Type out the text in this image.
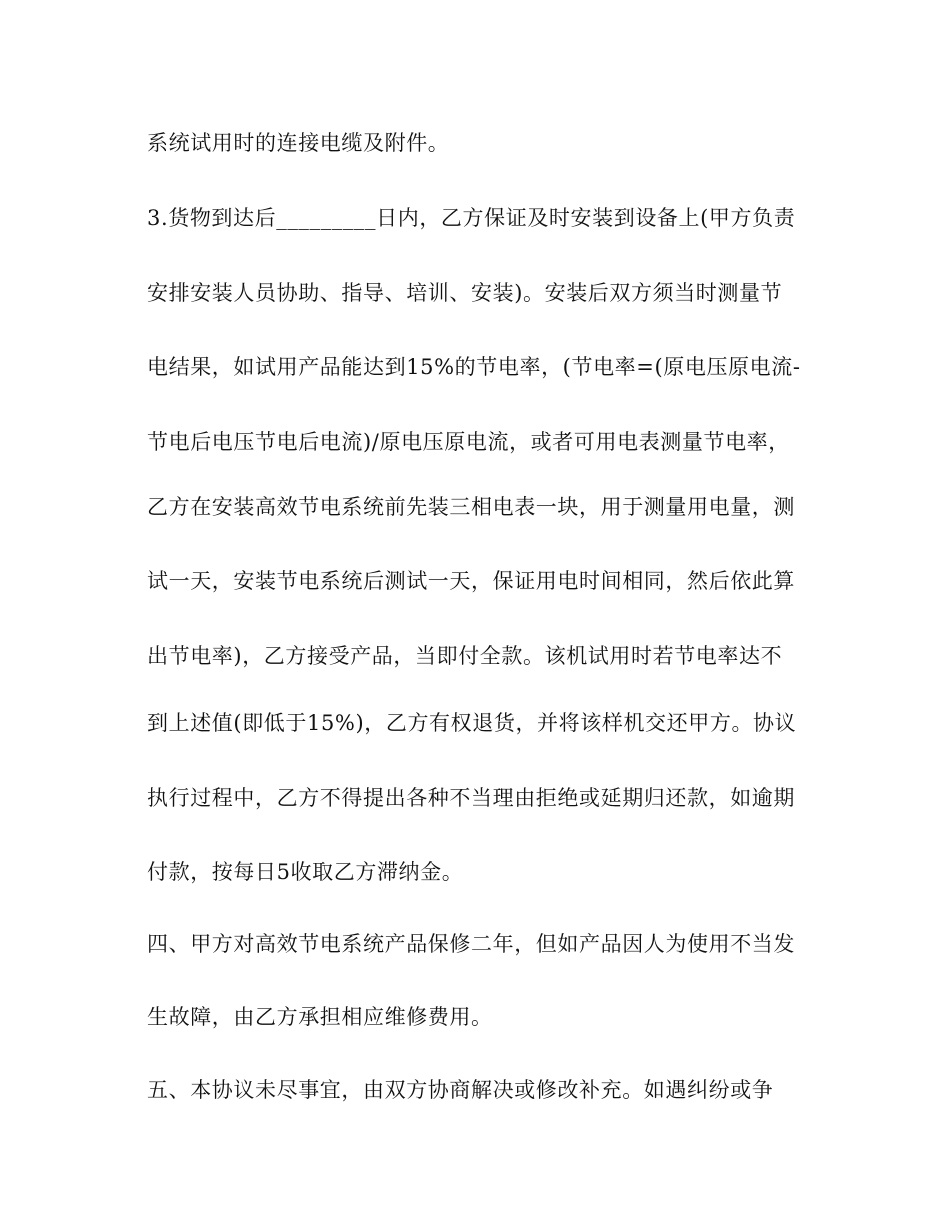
系统试用时的连接电缆及附件。
3.货物到达后_________日内，乙方保证及时安装到设备上(甲方负责
安排安装人员协助、指导、培训、安装)。安装后双方须当时测量节
电结果，如试用产品能达到15%的节电率，(节电率=(原电压原电流-
节电后电压节电后电流)/原电压原电流，或者可用电表测量节电率，
乙方在安装高效节电系统前先装三相电表一块，用于测量用电量，测
试一天，安装节电系统后测试一天，保证用电时间相同，然后依此算
出节电率)，乙方接受产品，当即付全款。该机试用时若节电率达不
到上述值(即低于15%)，乙方有权退货，并将该样机交还甲方。协议
执行过程中，乙方不得提出各种不当理由拒绝或延期归还款，如逾期
付款，按每日5收取乙方滞纳金。
四、甲方对高效节电系统产品保修二年，但如产品因人为使用不当发
生故障，由乙方承担相应维修费用。
五、本协议未尽事宜，由双方协商解决或修改补充。如遇纠纷或争
